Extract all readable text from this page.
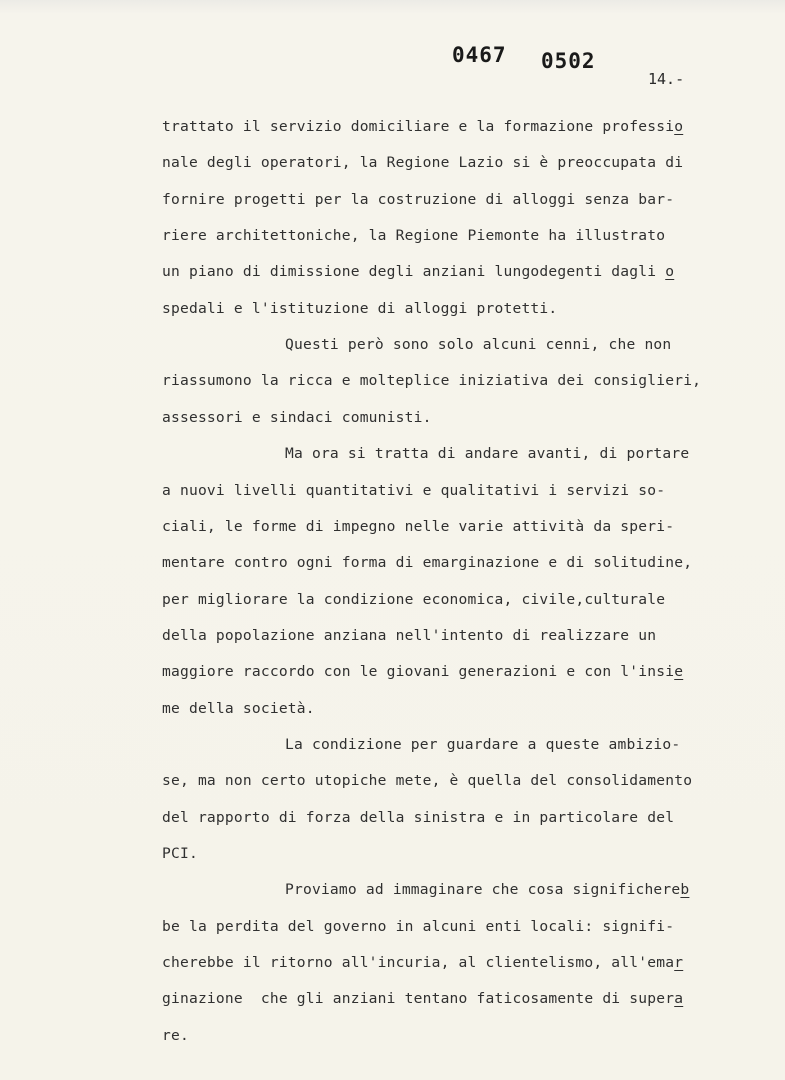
0467 0502
14.-
trattato il servizio domiciliare e la formazione professio
nale degli operatori, la Regione Lazio si è preoccupata di
fornire progetti per la costruzione di alloggi senza bar-
riere architettoniche, la Regione Piemonte ha illustrato
un piano di dimissione degli anziani lungodegenti dagli o
spedali e l'istituzione di alloggi protetti.
Questi però sono solo alcuni cenni, che non
riassumono la ricca e molteplice iniziativa dei consiglieri,
assessori e sindaci comunisti.
Ma ora si tratta di andare avanti, di portare
a nuovi livelli quantitativi e qualitativi i servizi so-
ciali, le forme di impegno nelle varie attività da speri-
mentare contro ogni forma di emarginazione e di solitudine,
per migliorare la condizione economica, civile,culturale
della popolazione anziana nell'intento di realizzare un
maggiore raccordo con le giovani generazioni e con l'insie
me della società.
La condizione per guardare a queste ambizio-
se, ma non certo utopiche mete, è quella del consolidamento
del rapporto di forza della sinistra e in particolare del
PCI.
Proviamo ad immaginare che cosa significhereb
be la perdita del governo in alcuni enti locali: signifi-
cherebbe il ritorno all'incuria, al clientelismo, all'emar
ginazione  che gli anziani tentano faticosamente di supera
re.
